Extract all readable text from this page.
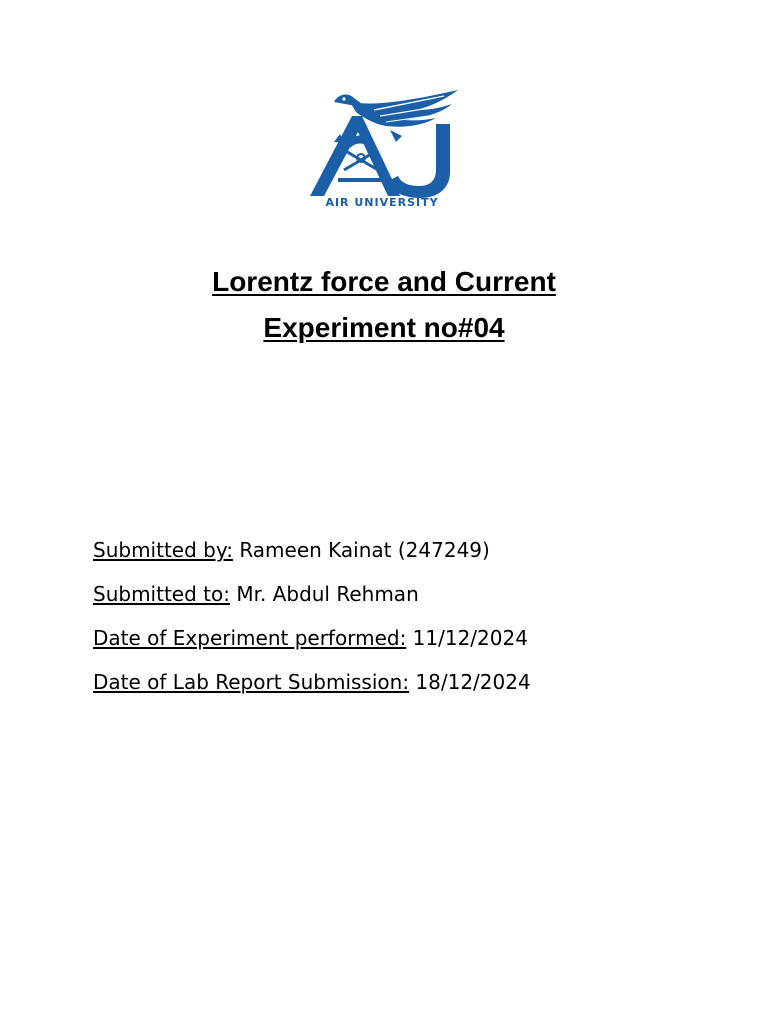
AIR UNIVERSITY
Lorentz force and Current
Experiment no#04
Submitted by: Rameen Kainat (247249)
Submitted to: Mr. Abdul Rehman
Date of Experiment performed: 11/12/2024
Date of Lab Report Submission: 18/12/2024
